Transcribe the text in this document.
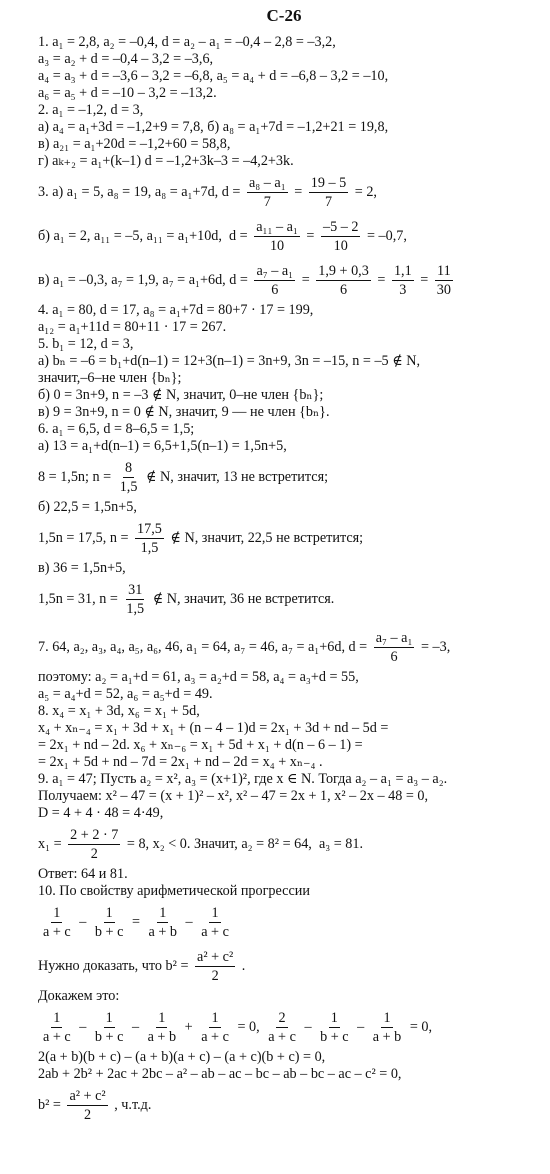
С-26
1. a₁ = 2,8, a₂ = –0,4, d = a₂ – a₁ = –0,4 – 2,8 = –3,2,
a₃ = a₂ + d = –0,4 – 3,2 = –3,6,
a₄ = a₃ + d = –3,6 – 3,2 = –6,8, a₅ = a₄ + d = –6,8 – 3,2 = –10,
a₆ = a₅ + d = –10 – 3,2 = –13,2.
2. a₁ = –1,2, d = 3,
а) a₄ = a₁+3d = –1,2+9 = 7,8, б) a₈ = a₁+7d = –1,2+21 = 19,8,
в) a₂₁ = a₁+20d = –1,2+60 = 58,8,
г) aₖ₊₂ = a₁+(k–1) d = –1,2+3k–3 = –4,2+3k.
3. а) a₁ = 5, a₈ = 19, a₈ = a₁+7d, $d = \frac{\text{a₈ – a₁}}{7} = \frac{19 - 5}{7} = 2$,
б) a₁ = 2, a₁₁ = –5, a₁₁ = a₁+10d,  $d = \frac{\text{a₁₁ – a₁}}{10} = \frac{-5 - 2}{10} = -0,7$,
в) a₁ = –0,3, a₇ = 1,9, a₇ = a₁+6d, $d = \frac{\text{a₇ – a₁}}{6} = \frac{1,9 + 0,3}{6} = \frac{1,1}{3} = \frac{11}{30}$
4. a₁ = 80, d = 17, a₈ = a₁+7d = 80+7 · 17 = 199,
a₁₂ = a₁+11d = 80+11 · 17 = 267.
5. b₁ = 12, d = 3,
а) bₙ = –6 = b₁+d(n–1) = 12+3(n–1) = 3n+9, 3n = –15, n = –5 ∉ N,
значит,–6–не член {bₙ};
б) 0 = 3n+9, n = –3 ∉ N, значит, 0–не член {bₙ};
в) 9 = 3n+9, n = 0 ∉ N, значит, 9 — не член {bₙ}.
6. a₁ = 6,5, d = 8–6,5 = 1,5;
а) 13 = a₁+d(n–1) = 6,5+1,5(n–1) = 1,5n+5,
8 = 1,5n; $n = \frac{8}{1,5}$ ∉ N, значит, 13 не встретится;
б) 22,5 = 1,5n+5,
1,5n = 17,5, $n = \frac{17,5}{1,5}$ ∉ N, значит, 22,5 не встретится;
в) 36 = 1,5n+5,
1,5n = 31, $n = \frac{31}{1,5}$ ∉ N, значит, 36 не встретится.
7. 64, a₂, a₃, a₄, a₅, a₆, 46, a₁ = 64, a₇ = 46, a₇ = a₁+6d, $d = \frac{\text{a₇ – a₁}}{6} = -3$,
поэтому: a₂ = a₁+d = 61, a₃ = a₂+d = 58, a₄ = a₃+d = 55,
a₅ = a₄+d = 52, a₆ = a₅+d = 49.
8. x₄ = x₁ + 3d, x₆ = x₁ + 5d,
x₄ + xₙ₋₄ = x₁ + 3d + x₁ + (n – 4 – 1)d = 2x₁ + 3d + nd – 5d =
= 2x₁ + nd – 2d. x₆ + xₙ₋₆ = x₁ + 5d + x₁ + d(n – 6 – 1) =
= 2x₁ + 5d + nd – 7d = 2x₁ + nd – 2d = x₄ + xₙ₋₄ .
9. a₁ = 47; Пусть a₂ = x², a₃ = (x+1)², где x ∈ N. Тогда a₂ – a₁ = a₃ – a₂.
Получаем: x² – 47 = (x + 1)² – x², x² – 47 = 2x + 1, x² – 2x – 48 = 0,
D = 4 + 4 · 48 = 4·49,
$x_1 = \frac{2 + 2 \cdot 7}{2} = 8$, x₂ < 0. Значит, a₂ = 8² = 64,  a₃ = 81.
Ответ: 64 и 81.
10. По свойству арифметической прогрессии
$\frac{1}{a + c} - \frac{1}{b + c} = \frac{1}{a + b} - \frac{1}{a + c}$
Нужно доказать, что $b^2 = \frac{\text{a² + c²}}{2}$ .
Докажем это:
$\frac{1}{a + c} - \frac{1}{b + c} - \frac{1}{a + b} + \frac{1}{a + c} = 0$, $\frac{2}{a + c} - \frac{1}{b + c} - \frac{1}{a + b} = 0$,
2(a + b)(b + c) – (a + b)(a + c) – (a + c)(b + c) = 0,
2ab + 2b² + 2ac + 2bc – a² – ab – ac – bc – ab – bc – ac – c² = 0,
$b^2 = \frac{\text{a² + c²}}{2}$ , ч.т.д.
